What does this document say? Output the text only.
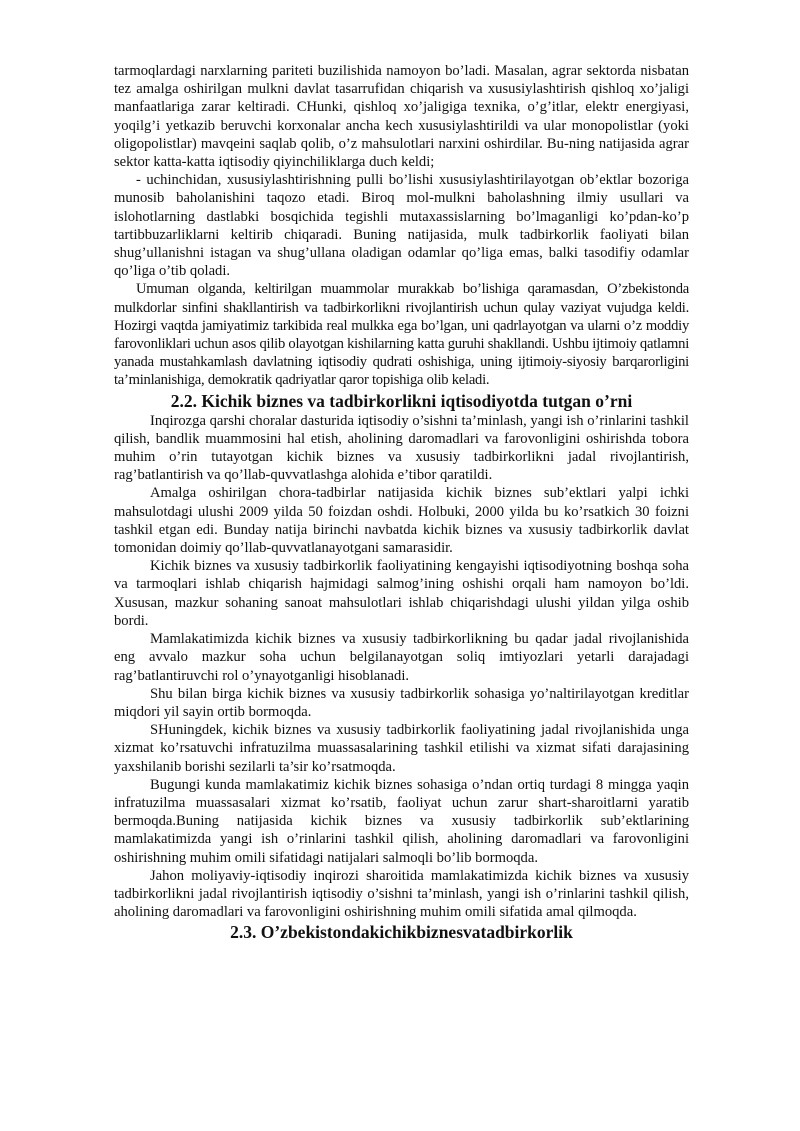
tarmoqlardagi narxlarning pariteti buzilishida namoyon bo’ladi. Masalan, agrar sektorda nisbatan tez amalga oshirilgan mulkni davlat tasarrufidan chiqarish va xususiylashtirish qishloq xo’jaligi manfaatlariga zarar keltiradi. CHunki, qishloq xo’jaligiga texnika, o’g’itlar, elektr energiyasi, yoqilg’i yetkazib beruvchi korxonalar ancha kech xususiylashtirildi va ular monopolistlar (yoki oligopolistlar) mavqeini saqlab qolib, o’z mahsulotlari narxini oshirdilar. Bu-ning natijasida agrar sektor katta-katta iqtisodiy qiyinchiliklarga duch keldi;

- uchinchidan, xususiylashtirishning pulli bo’lishi xususiylashtirilayotgan ob’ektlar bozoriga munosib baholanishini taqozo etadi. Biroq mol-mulkni baholashning ilmiy usullari va islohotlarning dastlabki bosqichida tegishli mutaxassislarning bo’lmaganligi ko’pdan-ko’p tartibbuzarliklarni keltirib chiqaradi. Buning natijasida, mulk tadbirkorlik faoliyati bilan shug’ullanishni istagan va shug’ullana oladigan odamlar qo’liga emas, balki tasodifiy odamlar qo’liga o’tib qoladi.

Umuman olganda, keltirilgan muammolar murakkab bo’lishiga qaramasdan, O’zbekistonda mulkdorlar sinfini shakllantirish va tadbirkorlikni rivojlantirish uchun qulay vaziyat vujudga keldi. Hozirgi vaqtda jamiyatimiz tarkibida real mulkka ega bo’lgan, uni qadrlayotgan va ularni o’z moddiy farovonliklari uchun asos qilib olayotgan kishilarning katta guruhi shakllandi. Ushbu ijtimoiy qatlamni yanada mustahkamlash davlatning iqtisodiy qudrati oshishiga, uning ijtimoiy-siyosiy barqarorligini ta’minlanishiga, demokratik qadriyatlar qaror topishiga olib keladi.

2.2. Kichik biznes va tadbirkorlikni iqtisodiyotda tutgan o’rni

Inqirozga qarshi choralar dasturida iqtisodiy o’sishni ta’minlash, yangi ish o’rinlarini tashkil qilish, bandlik muammosini hal etish, aholining daromadlari va farovonligini oshirishda tobora muhim o’rin tutayotgan kichik biznes va xususiy tadbirkorlikni jadal rivojlantirish, rag’batlantirish va qo’llab-quvvatlashga alohida e’tibor qaratildi.

Amalga oshirilgan chora-tadbirlar natijasida kichik biznes sub’ektlari yalpi ichki mahsulotdagi ulushi 2009 yilda 50 foizdan oshdi. Holbuki, 2000 yilda bu ko’rsatkich 30 foizni tashkil etgan edi. Bunday natija birinchi navbatda kichik biznes va xususiy tadbirkorlik davlat tomonidan doimiy qo’llab-quvvatlanayotgani samarasidir.

Kichik biznes va xususiy tadbirkorlik faoliyatining kengayishi iqtisodiyotning boshqa soha va tarmoqlari ishlab chiqarish hajmidagi salmog’ining oshishi orqali ham namoyon bo’ldi. Xususan, mazkur sohaning sanoat mahsulotlari ishlab chiqarishdagi ulushi yildan yilga oshib bordi.

Mamlakatimizda kichik biznes va xususiy tadbirkorlikning bu qadar jadal rivojlanishida eng avvalo mazkur soha uchun belgilanayotgan soliq imtiyozlari yetarli darajadagi rag’batlantiruvchi rol o’ynayotganligi hisoblanadi.

Shu bilan birga kichik biznes va xususiy tadbirkorlik sohasiga yo’naltirilayotgan kreditlar miqdori yil sayin ortib bormoqda.

SHuningdek, kichik biznes va xususiy tadbirkorlik faoliyatining jadal rivojlanishida unga xizmat ko’rsatuvchi infratuzilma muassasalarining tashkil etilishi va xizmat sifati darajasining yaxshilanib borishi sezilarli ta’sir ko’rsatmoqda.

Bugungi kunda mamlakatimiz kichik biznes sohasiga o’ndan ortiq turdagi 8 mingga yaqin infratuzilma muassasalari xizmat ko’rsatib, faoliyat uchun zarur shart-sharoitlarni yaratib bermoqda.Buning natijasida kichik biznes va xususiy tadbirkorlik sub’ektlarining mamlakatimizda yangi ish o’rinlarini tashkil qilish, aholining daromadlari va farovonligini oshirishning muhim omili sifatidagi natijalari salmoqli bo’lib bormoqda.

Jahon moliyaviy-iqtisodiy inqirozi sharoitida mamlakatimizda kichik biznes va xususiy tadbirkorlikni jadal rivojlantirish iqtisodiy o’sishni ta’minlash, yangi ish o’rinlarini tashkil qilish, aholining daromadlari va farovonligini oshirishning muhim omili sifatida amal qilmoqda.

2.3. O’zbekistondakichikbiznesvatadbirkorlik
